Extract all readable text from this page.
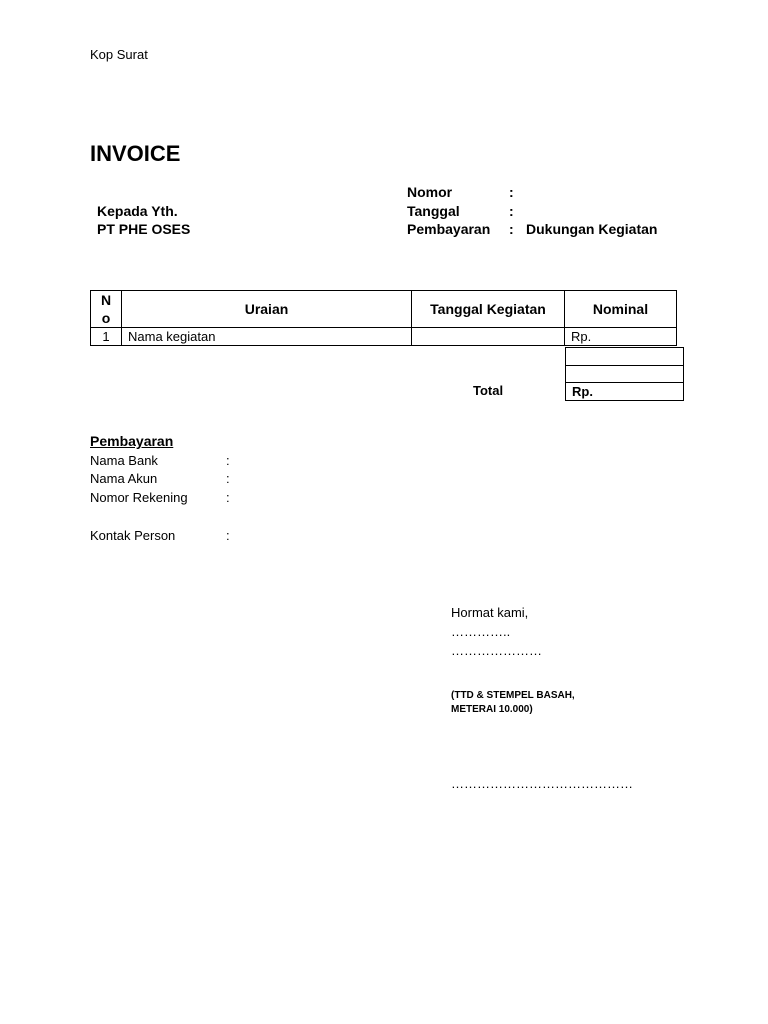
Kop Surat
INVOICE
Kepada Yth.
PT PHE OSES
Nomor	:
Tanggal	:
Pembayaran : Dukungan Kegiatan
N
o	Uraian	Tanggal Kegiatan	Nominal
1	Nama kegiatan		Rp.
Total	Rp.
Pembayaran
Nama Bank	:
Nama Akun	:
Nomor Rekening	:
Kontak Person	:
Hormat kami,
…………..
…………………
(TTD & STEMPEL BASAH,
METERAI 10.000)
……………………………………
